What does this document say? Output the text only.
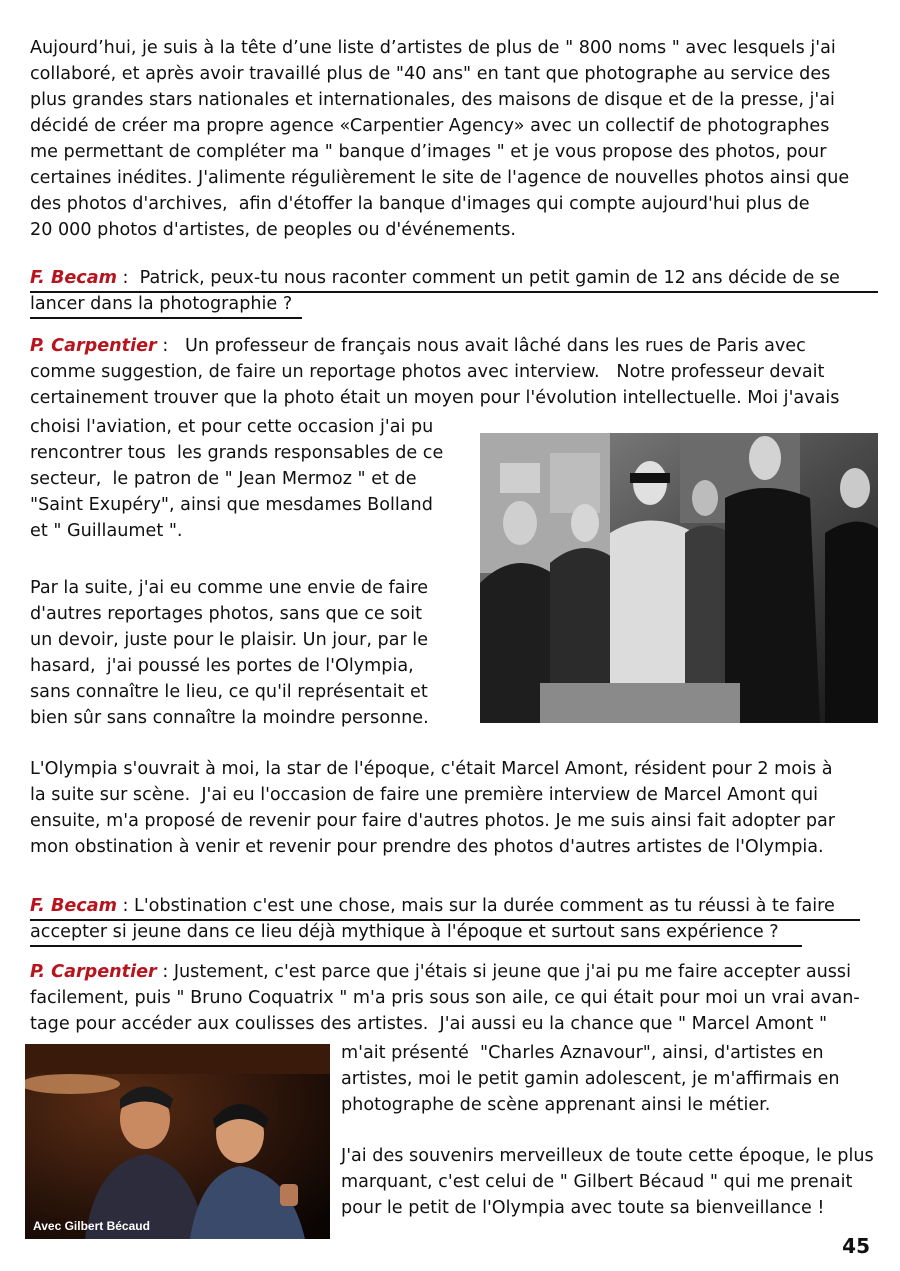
Aujourd’hui, je suis à la tête d’une liste d’artistes de plus de " 800 noms " avec lesquels j'ai
collaboré, et après avoir travaillé plus de "40 ans" en tant que photographe au service des
plus grandes stars nationales et internationales, des maisons de disque et de la presse, j'ai
décidé de créer ma propre agence «Carpentier Agency» avec un collectif de photographes
me permettant de compléter ma " banque d’images " et je vous propose des photos, pour
certaines inédites. J'alimente régulièrement le site de l'agence de nouvelles photos ainsi que
des photos d'archives,  afin d'étoffer la banque d'images qui compte aujourd'hui plus de
20 000 photos d'artistes, de peoples ou d'événements.
F. Becam :  Patrick, peux-tu nous raconter comment un petit gamin de 12 ans décide de se
lancer dans la photographie ?
P. Carpentier :   Un professeur de français nous avait lâché dans les rues de Paris avec
comme suggestion, de faire un reportage photos avec interview.   Notre professeur devait
certainement trouver que la photo était un moyen pour l'évolution intellectuelle. Moi j'avais
choisi l'aviation, et pour cette occasion j'ai pu
rencontrer tous  les grands responsables de ce
secteur,  le patron de " Jean Mermoz " et de
"Saint Exupéry", ainsi que mesdames Bolland
et " Guillaumet ".
Par la suite, j'ai eu comme une envie de faire
d'autres reportages photos, sans que ce soit
un devoir, juste pour le plaisir. Un jour, par le
hasard,  j'ai poussé les portes de l'Olympia,
sans connaître le lieu, ce qu'il représentait et
bien sûr sans connaître la moindre personne.
L'Olympia s'ouvrait à moi, la star de l'époque, c'était Marcel Amont, résident pour 2 mois à
la suite sur scène.  J'ai eu l'occasion de faire une première interview de Marcel Amont qui
ensuite, m'a proposé de revenir pour faire d'autres photos. Je me suis ainsi fait adopter par
mon obstination à venir et revenir pour prendre des photos d'autres artistes de l'Olympia.
F. Becam : L'obstination c'est une chose, mais sur la durée comment as tu réussi à te faire
accepter si jeune dans ce lieu déjà mythique à l'époque et surtout sans expérience ?
P. Carpentier : Justement, c'est parce que j'étais si jeune que j'ai pu me faire accepter aussi
facilement, puis " Bruno Coquatrix " m'a pris sous son aile, ce qui était pour moi un vrai avan-
tage pour accéder aux coulisses des artistes.  J'ai aussi eu la chance que " Marcel Amont "
m'ait présenté  "Charles Aznavour", ainsi, d'artistes en
artistes, moi le petit gamin adolescent, je m'affirmais en
photographe de scène apprenant ainsi le métier.
J'ai des souvenirs merveilleux de toute cette époque, le plus
marquant, c'est celui de " Gilbert Bécaud " qui me prenait
pour le petit de l'Olympia avec toute sa bienveillance !
Avec Gilbert Bécaud
45
